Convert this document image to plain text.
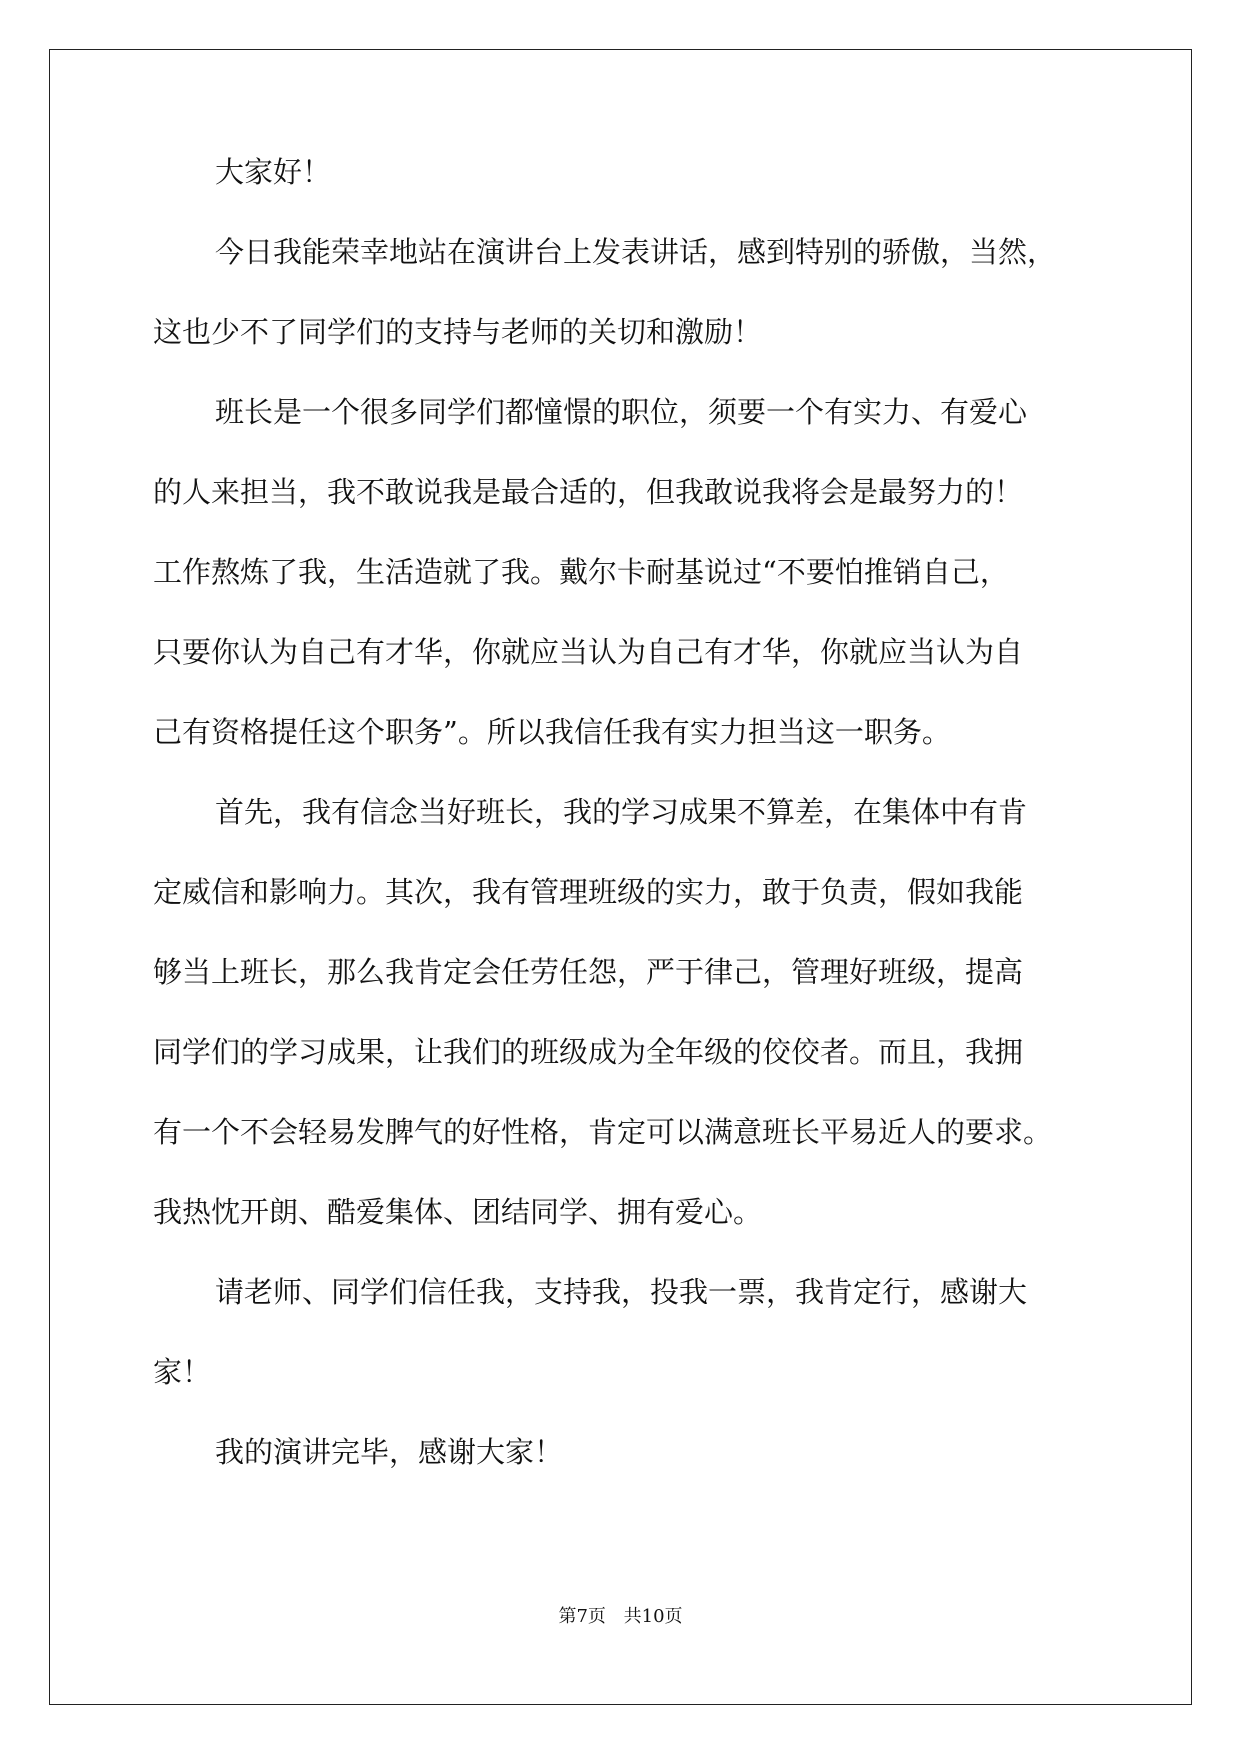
大家好！
今日我能荣幸地站在演讲台上发表讲话，感到特别的骄傲，当然，
这也少不了同学们的支持与老师的关切和激励！
班长是一个很多同学们都憧憬的职位，须要一个有实力、有爱心
的人来担当，我不敢说我是最合适的，但我敢说我将会是最努力的！
工作熬炼了我，生活造就了我。戴尔卡耐基说过“不要怕推销自己，
只要你认为自己有才华，你就应当认为自己有才华，你就应当认为自
己有资格提任这个职务”。所以我信任我有实力担当这一职务。
首先，我有信念当好班长，我的学习成果不算差，在集体中有肯
定威信和影响力。其次，我有管理班级的实力，敢于负责，假如我能
够当上班长，那么我肯定会任劳任怨，严于律己，管理好班级，提高
同学们的学习成果，让我们的班级成为全年级的佼佼者。而且，我拥
有一个不会轻易发脾气的好性格，肯定可以满意班长平易近人的要求。
我热忱开朗、酷爱集体、团结同学、拥有爱心。
请老师、同学们信任我，支持我，投我一票，我肯定行，感谢大
家！
我的演讲完毕，感谢大家！
第7页 共10页
